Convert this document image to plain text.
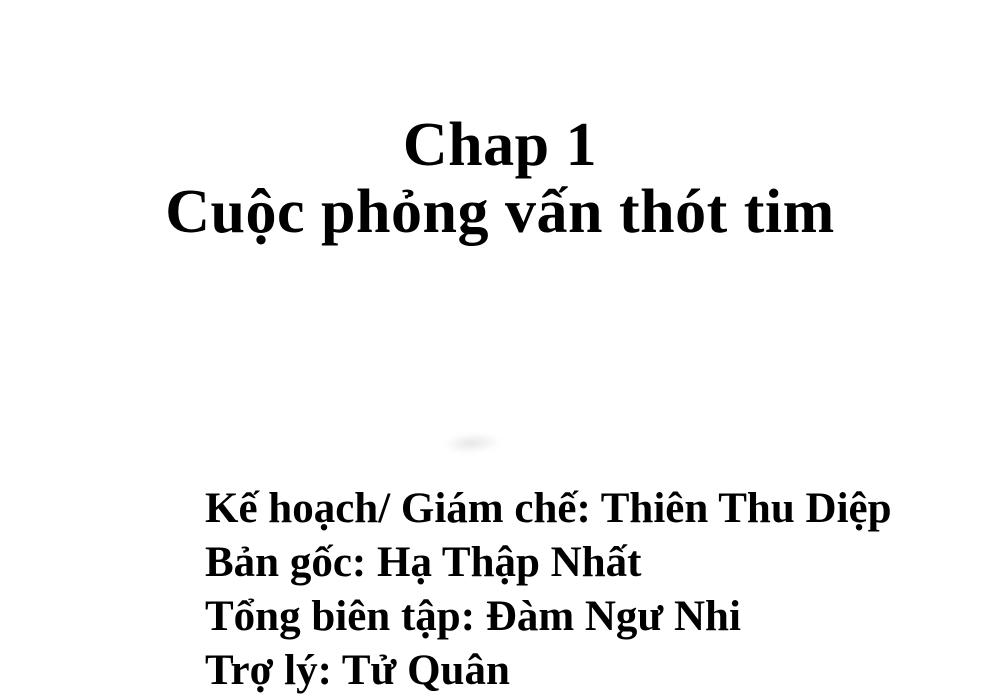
Chap 1
Cuộc phỏng vấn thót tim
Kế hoạch/ Giám chế: Thiên Thu Diệp
Bản gốc: Hạ Thập Nhất
Tổng biên tập: Đàm Ngư Nhi
Trợ lý: Tử Quân
